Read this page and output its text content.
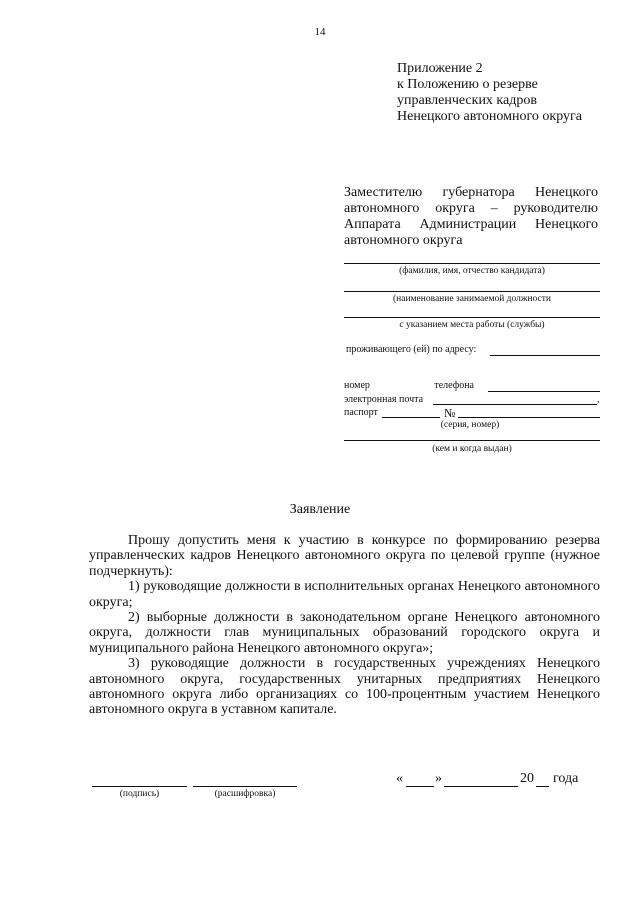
14
Приложение 2
к Положению о резерве
управленческих кадров
Ненецкого автономного округа
Заместителю губернатора Ненецкого
автономного округа – руководителю
Аппарата Администрации Ненецкого
автономного округа
(фамилия, имя, отчество кандидата)
(наименование занимаемой должности
с указанием места работы (службы)
проживающего (ей) по адресу:
номер телефона
электронная почта	,
паспорт	№
(серия, номер)
(кем и когда выдан)
Заявление

Прошу допустить меня к участию в конкурсе по формированию резерва управленческих кадров Ненецкого автономного округа по целевой группе (нужное подчеркнуть):

1) руководящие должности в исполнительных органах Ненецкого автономного округа;

2) выборные должности в законодательном органе Ненецкого автономного округа, должности глав муниципальных образований городского округа и муниципального района Ненецкого автономного округа»;

3) руководящие должности в государственных учреждениях Ненецкого автономного округа, государственных унитарных предприятиях Ненецкого автономного округа либо организациях со 100-процентным участием Ненецкого автономного округа в уставном капитале.

(подпись)	(расшифровка)
« »	20 года
